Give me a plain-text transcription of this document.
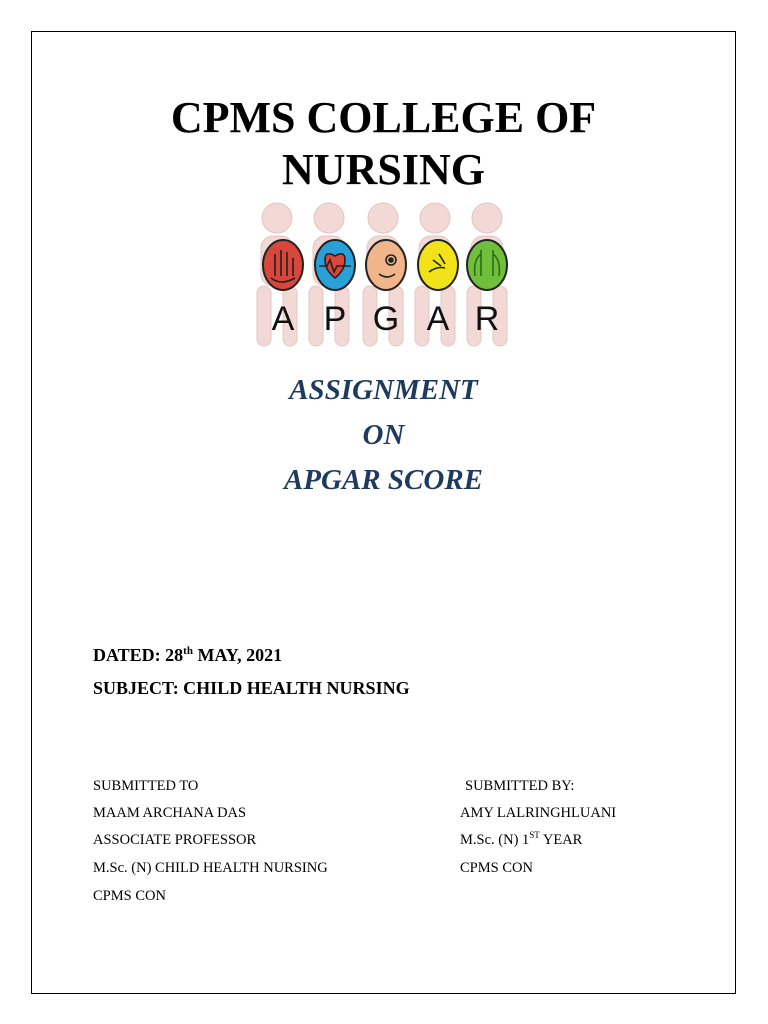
CPMS COLLEGE OF
NURSING
A P G A R

ASSIGNMENT

ON

APGAR SCORE

DATED: 28th MAY, 2021

SUBJECT: CHILD HEALTH NURSING

SUBMITTED TO

MAAM ARCHANA DAS

ASSOCIATE PROFESSOR

M.Sc. (N) CHILD HEALTH NURSING

CPMS CON

SUBMITTED BY:

AMY LALRINGHLUANI

M.Sc. (N) 1ST YEAR

CPMS CON
